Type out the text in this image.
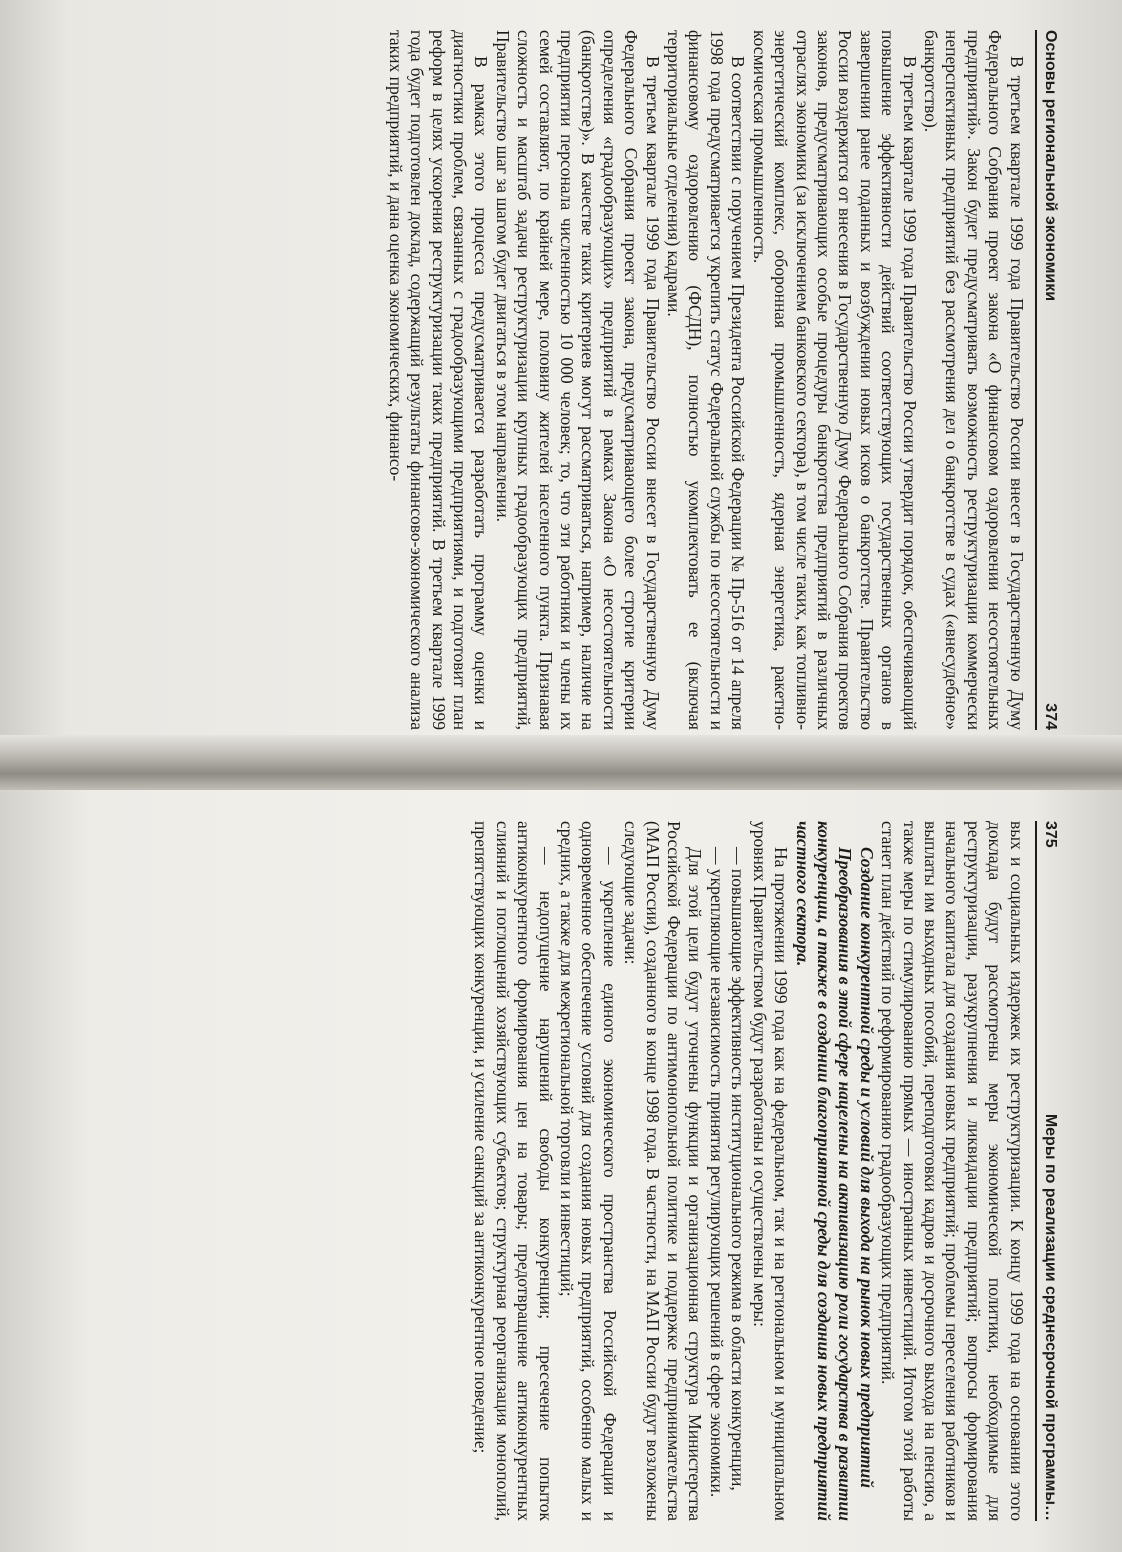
Основы региональной экономики
374

В третьем квартале 1999 года Правительство России внесет в Государственную Думу Федерального Собрания проект закона «О финансовом оздоровлении несостоятельных предприятий». Закон будет предусматривать возможность реструктуризации коммерчески неперспективных предприятий без рассмотрения дел о банкротстве в судах («внесудебное» банкротство).

В третьем квартале 1999 года Правительство России утвердит порядок, обеспечивающий повышение эффективности действий соответствующих государственных органов в завершении ранее поданных и возбуждении новых исков о банкротстве. Правительство России воздержится от внесения в Государственную Думу Федерального Собрания проектов законов, предусматривающих особые процедуры банкротства предприятий в различных отраслях экономики (за исключением банковского сектора), в том числе таких, как топливно-энергетический комплекс, оборонная промышленность, ядерная энергетика, ракетно-космическая промышленность.

В соответствии с поручением Президента Российской Федерации № Пр-516 от 14 апреля 1998 года предусматривается укрепить статус Федеральной службы по несостоятельности и финансовому оздоровлению (ФСДН), полностью укомплектовать ее (включая территориальные отделения) кадрами.

В третьем квартале 1999 года Правительство России внесет в Государственную Думу Федерального Собрания проект закона, предусматривающего более строгие критерии определения «градообразующих» предприятий в рамках Закона «О несостоятельности (банкротстве)». В качестве таких критериев могут рассматриваться, например, наличие на предприятии персонала численностью 10 000 человек; то, что эти работники и члены их семей составляют, по крайней мере, половину жителей населенного пункта. Признавая сложность и масштаб задачи реструктуризации крупных градообразующих предприятий, Правительство шаг за шагом будет двигаться в этом направлении.

В рамках этого процесса предусматривается разработать программу оценки и диагностики проблем, связанных с градообразующими предприятиями, и подготовит план реформ в целях ускорения реструктуризации таких предприятий. В третьем квартале 1999 года будет подготовлен доклад, содержащий результаты финансово-экономического анализа таких предприятий, и дана оценка экономических, финансо-

375
Меры по реализации среднесрочной программы…

вых и социальных издержек их реструктуризации. К концу 1999 года на основании этого доклада будут рассмотрены меры экономической политики, необходимые для реструктуризации, разукрупнения и ликвидации предприятий; вопросы формирования начального капитала для создания новых предприятий; проблемы переселения работников и выплаты им выходных пособий, переподготовки кадров и досрочного выхода на пенсию, а также меры по стимулированию прямых — иностранных инвестиций. Итогом этой работы станет план действий по реформированию градообразующих предприятий.

Создание конкурентной среды и условий для выхода на рынок новых предприятий

Преобразования в этой сфере нацелены на активизацию роли государства в развитии конкуренции, а также в создании благоприятной среды для создания новых предприятий частного сектора.

На протяжении 1999 года как на федеральном, так и на региональном и муниципальном уровнях Правительством будут разработаны и осуществлены меры:

— повышающие эффективность институционального режима в области конкуренции,

— укрепляющие независимость принятия регулирующих решений в сфере экономики.

Для этой цели будут уточнены функции и организационная структура Министерства Российской Федерации по антимонопольной политике и поддержке предпринимательства (МАП России), созданного в конце 1998 года. В частности, на МАП России будут возложены следующие задачи:

— укрепление единого экономического пространства Российской Федерации и одновременное обеспечение условий для создания новых предприятий, особенно малых и средних, а также для межрегиональной торговли и инвестиций;

— недопущение нарушений свободы конкуренции; пресечение попыток антиконкурентного формирования цен на товары; предотвращение антиконкурентных слияний и поглощений хозяйствующих субъектов; структурная реорганизация монополий, препятствующих конкуренции, и усиление санкций за антиконкурентное поведение;
